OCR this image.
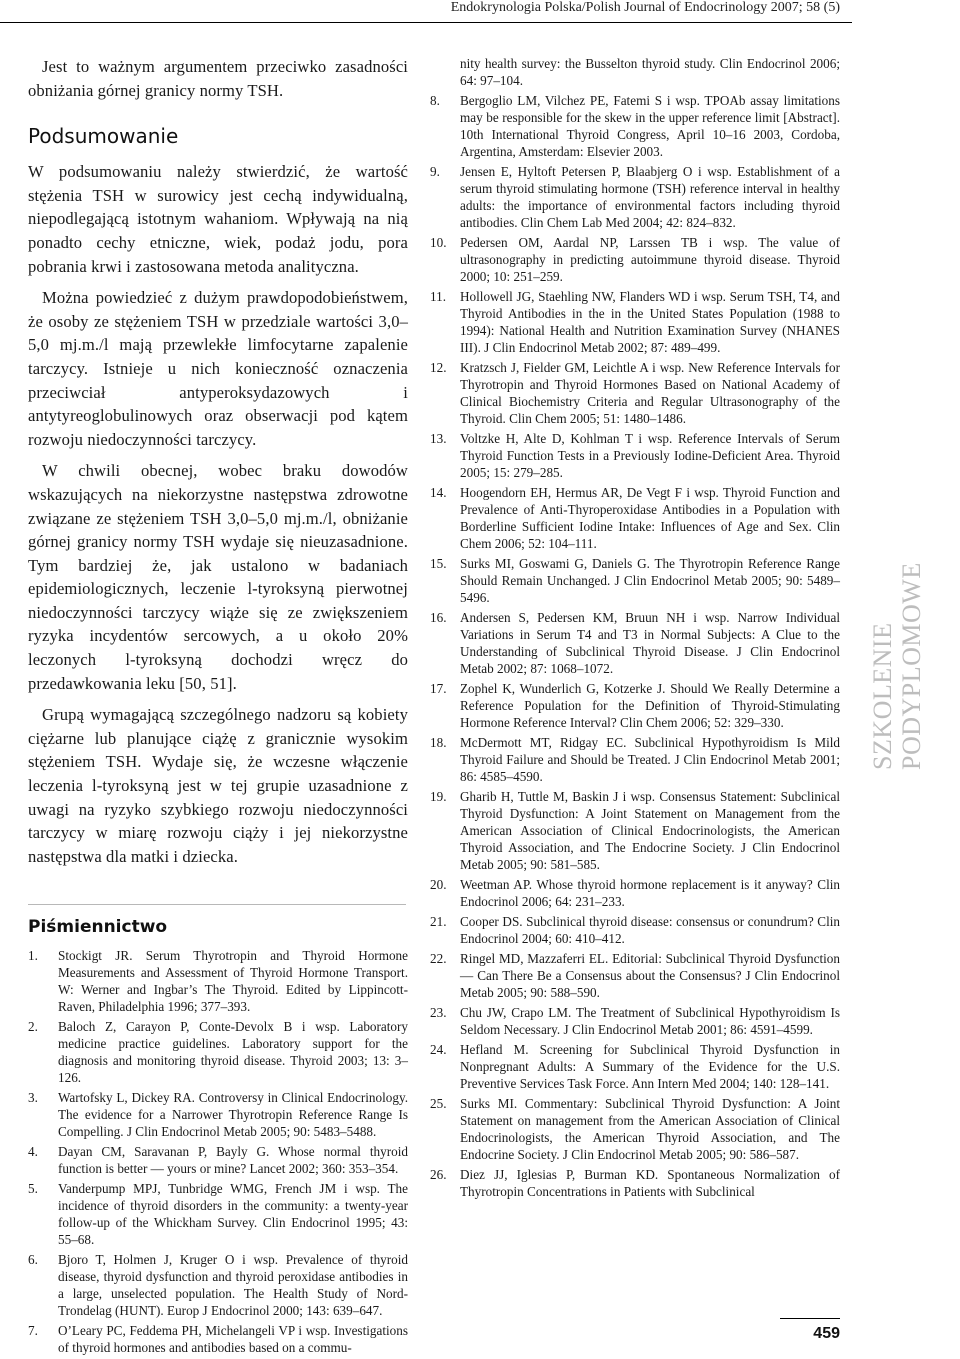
Endokrynologia Polska/Polish Journal of Endocrinology 2007; 58 (5)

Jest to ważnym argumentem przeciwko zasadności obniżania górnej granicy normy TSH.

Podsumowanie

W podsumowaniu należy stwierdzić, że wartość stężenia TSH w surowicy jest cechą indywidualną, niepodlegającą istotnym wahaniom. Wpływają na nią ponadto cechy etniczne, wiek, podaż jodu, pora pobrania krwi i zastosowana metoda analityczna.

Można powiedzieć z dużym prawdopodobieństwem, że osoby ze stężeniem TSH w przedziale wartości 3,0–5,0 mj.m./l mają przewlekłe limfocytarne zapalenie tarczycy. Istnieje u nich konieczność oznaczenia przeciwciał antyperoksydazowych i antytyreoglobulinowych oraz obserwacji pod kątem rozwoju niedoczynności tarczycy.

W chwili obecnej, wobec braku dowodów wskazujących na niekorzystne następstwa zdrowotne związane ze stężeniem TSH 3,0–5,0 mj.m./l, obniżanie górnej granicy normy TSH wydaje się nieuzasadnione. Tym bardziej że, jak ustalono w badaniach epidemiologicznych, leczenie l-tyroksyną pierwotnej niedoczynności tarczycy wiąże się ze zwiększeniem ryzyka incydentów sercowych, a u około 20% leczonych l-tyroksyną dochodzi wręcz do przedawkowania leku [50, 51].

Grupą wymagającą szczególnego nadzoru są kobiety ciężarne lub planujące ciążę z granicznie wysokim stężeniem TSH. Wydaje się, że wczesne włączenie leczenia l-tyroksyną jest w tej grupie uzasadnione z uwagi na ryzyko szybkiego rozwoju niedoczynności tarczycy w miarę rozwoju ciąży i jej niekorzystne następstwa dla matki i dziecka.

Piśmiennictwo
1. Stockigt JR. Serum Thyrotropin and Thyroid Hormone Measurements and Assessment of Thyroid Hormone Transport. W: Werner and Ingbar’s The Thyroid. Edited by Lippincott-Raven, Philadelphia 1996; 377–393.
2. Baloch Z, Carayon P, Conte-Devolx B i wsp. Laboratory medicine practice guidelines. Laboratory support for the diagnosis and monitoring thyroid disease. Thyroid 2003; 13: 3–126.
3. Wartofsky L, Dickey RA. Controversy in Clinical Endocrinology. The evidence for a Narrower Thyrotropin Reference Range Is Compelling. J Clin Endocrinol Metab 2005; 90: 5483–5488.
4. Dayan CM, Saravanan P, Bayly G. Whose normal thyroid function is better — yours or mine? Lancet 2002; 360: 353–354.
5. Vanderpump MPJ, Tunbridge WMG, French JM i wsp. The incidence of thyroid disorders in the community: a twenty-year follow-up of the Whickham Survey. Clin Endocrinol 1995; 43: 55–68.
6. Bjoro T, Holmen J, Kruger O i wsp. Prevalence of thyroid disease, thyroid dysfunction and thyroid peroxidase antibodies in a large, unselected population. The Health Study of Nord-Trondelag (HUNT). Europ J Endocrinol 2000; 143: 639–647.
7. O’Leary PC, Feddema PH, Michelangeli VP i wsp. Investigations of thyroid hormones and antibodies based on a commu-
nity health survey: the Busselton thyroid study. Clin Endocrinol 2006; 64: 97–104.
8. Bergoglio LM, Vilchez PE, Fatemi S i wsp. TPOAb assay limitations may be responsible for the skew in the upper reference limit [Abstract]. 10th International Thyroid Congress, April 10–16 2003, Cordoba, Argentina, Amsterdam: Elsevier 2003.
9. Jensen E, Hyltoft Petersen P, Blaabjerg O i wsp. Establishment of a serum thyroid stimulating hormone (TSH) reference interval in healthy adults: the importance of environmental factors including thyroid antibodies. Clin Chem Lab Med 2004; 42: 824–832.
10. Pedersen OM, Aardal NP, Larssen TB i wsp. The value of ultrasonography in predicting autoimmune thyroid disease. Thyroid 2000; 10: 251–259.
11. Hollowell JG, Staehling NW, Flanders WD i wsp. Serum TSH, T4, and Thyroid Antibodies in the in the United States Population (1988 to 1994): National Health and Nutrition Examination Survey (NHANES III). J Clin Endocrinol Metab 2002; 87: 489–499.
12. Kratzsch J, Fielder GM, Leichtle A i wsp. New Reference Intervals for Thyrotropin and Thyroid Hormones Based on National Academy of Clinical Biochemistry Criteria and Regular Ultrasonography of the Thyroid. Clin Chem 2005; 51: 1480–1486.
13. Voltzke H, Alte D, Kohlman T i wsp. Reference Intervals of Serum Thyroid Function Tests in a Previously Iodine-Deficient Area. Thyroid 2005; 15: 279–285.
14. Hoogendorn EH, Hermus AR, De Vegt F i wsp. Thyroid Function and Prevalence of Anti-Thyroperoxidase Antibodies in a Population with Borderline Sufficient Iodine Intake: Influences of Age and Sex. Clin Chem 2006; 52: 104–111.
15. Surks MI, Goswami G, Daniels G. The Thyrotropin Reference Range Should Remain Unchanged. J Clin Endocrinol Metab 2005; 90: 5489–5496.
16. Andersen S, Pedersen KM, Bruun NH i wsp. Narrow Individual Variations in Serum T4 and T3 in Normal Subjects: A Clue to the Understanding of Subclinical Thyroid Disease. J Clin Endocrinol Metab 2002; 87: 1068–1072.
17. Zophel K, Wunderlich G, Kotzerke J. Should We Really Determine a Reference Population for the Definition of Thyroid-Stimulating Hormone Reference Interval? Clin Chem 2006; 52: 329–330.
18. McDermott MT, Ridgay EC. Subclinical Hypothyroidism Is Mild Thyroid Failure and Should be Treated. J Clin Endocrinol Metab 2001; 86: 4585–4590.
19. Gharib H, Tuttle M, Baskin J i wsp. Consensus Statement: Subclinical Thyroid Dysfunction: A Joint Statement on Management from the American Association of Clinical Endocrinologists, the American Thyroid Association, and The Endocrine Society. J Clin Endocrinol Metab 2005; 90: 581–585.
20. Weetman AP. Whose thyroid hormone replacement is it anyway? Clin Endocrinol 2006; 64: 231–233.
21. Cooper DS. Subclinical thyroid disease: consensus or conundrum? Clin Endocrinol 2004; 60: 410–412.
22. Ringel MD, Mazzaferri EL. Editorial: Subclinical Thyroid Dysfunction — Can There Be a Consensus about the Consensus? J Clin Endocrinol Metab 2005; 90: 588–590.
23. Chu JW, Crapo LM. The Treatment of Subclinical Hypothyroidism Is Seldom Necessary. J Clin Endocrinol Metab 2001; 86: 4591–4599.
24. Hefland M. Screening for Subclinical Thyroid Dysfunction in Nonpregnant Adults: A Summary of the Evidence for the U.S. Preventive Services Task Force. Ann Intern Med 2004; 140: 128–141.
25. Surks MI. Commentary: Subclinical Thyroid Dysfunction: A Joint Statement on management from the American Association of Clinical Endocrinologists, the American Thyroid Association, and The Endocrine Society. J Clin Endocrinol Metab 2005; 90: 586–587.
26. Diez JJ, Iglesias P, Burman KD. Spontaneous Normalization of Thyrotropin Concentrations in Patients with Subclinical
459
